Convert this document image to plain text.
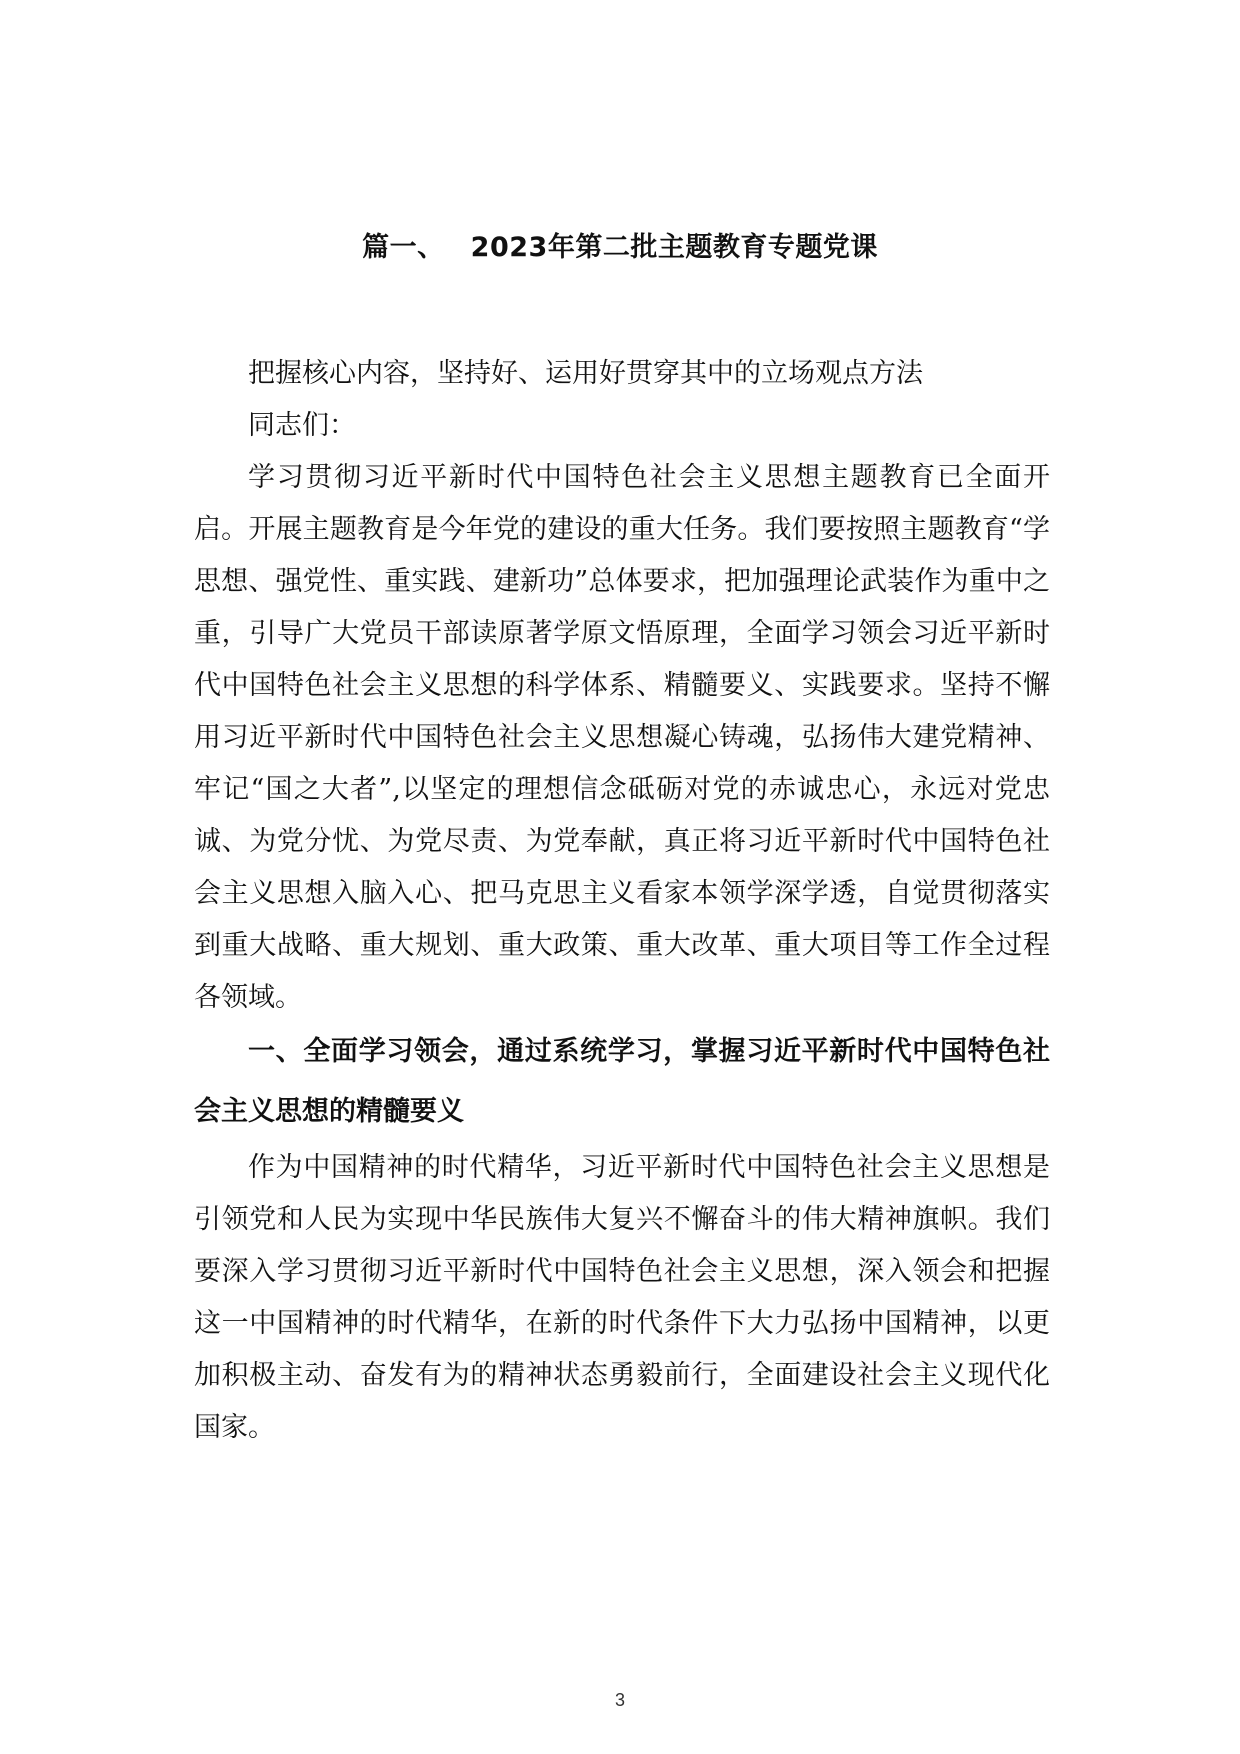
篇一、 2023年第二批主题教育专题党课

把握核心内容，坚持好、运用好贯穿其中的立场观点方法

同志们：

学习贯彻习近平新时代中国特色社会主义思想主题教育已全面开启。开展主题教育是今年党的建设的重大任务。我们要按照主题教育“学思想、强党性、重实践、建新功”总体要求，把加强理论武装作为重中之重，引导广大党员干部读原著学原文悟原理，全面学习领会习近平新时代中国特色社会主义思想的科学体系、精髓要义、实践要求。坚持不懈用习近平新时代中国特色社会主义思想凝心铸魂，弘扬伟大建党精神、牢记“国之大者”,以坚定的理想信念砥砺对党的赤诚忠心，永远对党忠诚、为党分忧、为党尽责、为党奉献，真正将习近平新时代中国特色社会主义思想入脑入心、把马克思主义看家本领学深学透，自觉贯彻落实到重大战略、重大规划、重大政策、重大改革、重大项目等工作全过程各领域。

一、全面学习领会，通过系统学习，掌握习近平新时代中国特色社会主义思想的精髓要义

作为中国精神的时代精华，习近平新时代中国特色社会主义思想是引领党和人民为实现中华民族伟大复兴不懈奋斗的伟大精神旗帜。我们要深入学习贯彻习近平新时代中国特色社会主义思想，深入领会和把握这一中国精神的时代精华，在新的时代条件下大力弘扬中国精神，以更加积极主动、奋发有为的精神状态勇毅前行，全面建设社会主义现代化国家。

3
